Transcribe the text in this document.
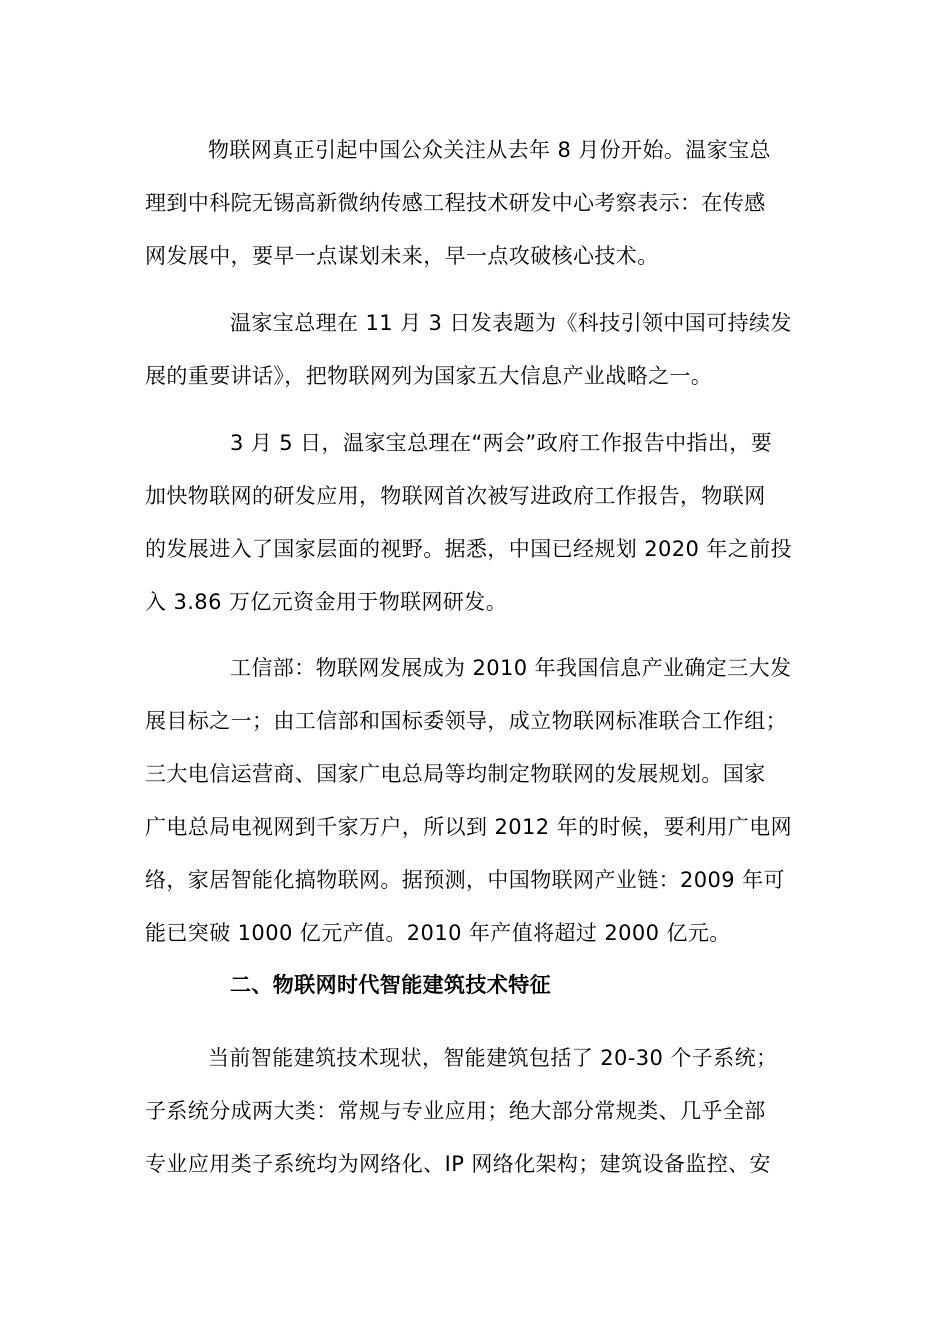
物联网真正引起中国公众关注从去年 8 月份开始。温家宝总
理到中科院无锡高新微纳传感工程技术研发中心考察表示：在传感
网发展中，要早一点谋划未来，早一点攻破核心技术。
温家宝总理在 11 月 3 日发表题为《科技引领中国可持续发
展的重要讲话》，把物联网列为国家五大信息产业战略之一。
3 月 5 日，温家宝总理在“两会”政府工作报告中指出，要
加快物联网的研发应用，物联网首次被写进政府工作报告，物联网
的发展进入了国家层面的视野。据悉，中国已经规划 2020 年之前投
入 3.86 万亿元资金用于物联网研发。
工信部：物联网发展成为 2010 年我国信息产业确定三大发
展目标之一；由工信部和国标委领导，成立物联网标准联合工作组；
三大电信运营商、国家广电总局等均制定物联网的发展规划。国家
广电总局电视网到千家万户，所以到 2012 年的时候，要利用广电网
络，家居智能化搞物联网。据预测，中国物联网产业链：2009 年可
能已突破 1000 亿元产值。2010 年产值将超过 2000 亿元。
二、物联网时代智能建筑技术特征
当前智能建筑技术现状，智能建筑包括了 20-30 个子系统；
子系统分成两大类：常规与专业应用；绝大部分常规类、几乎全部
专业应用类子系统均为网络化、IP 网络化架构；建筑设备监控、安
